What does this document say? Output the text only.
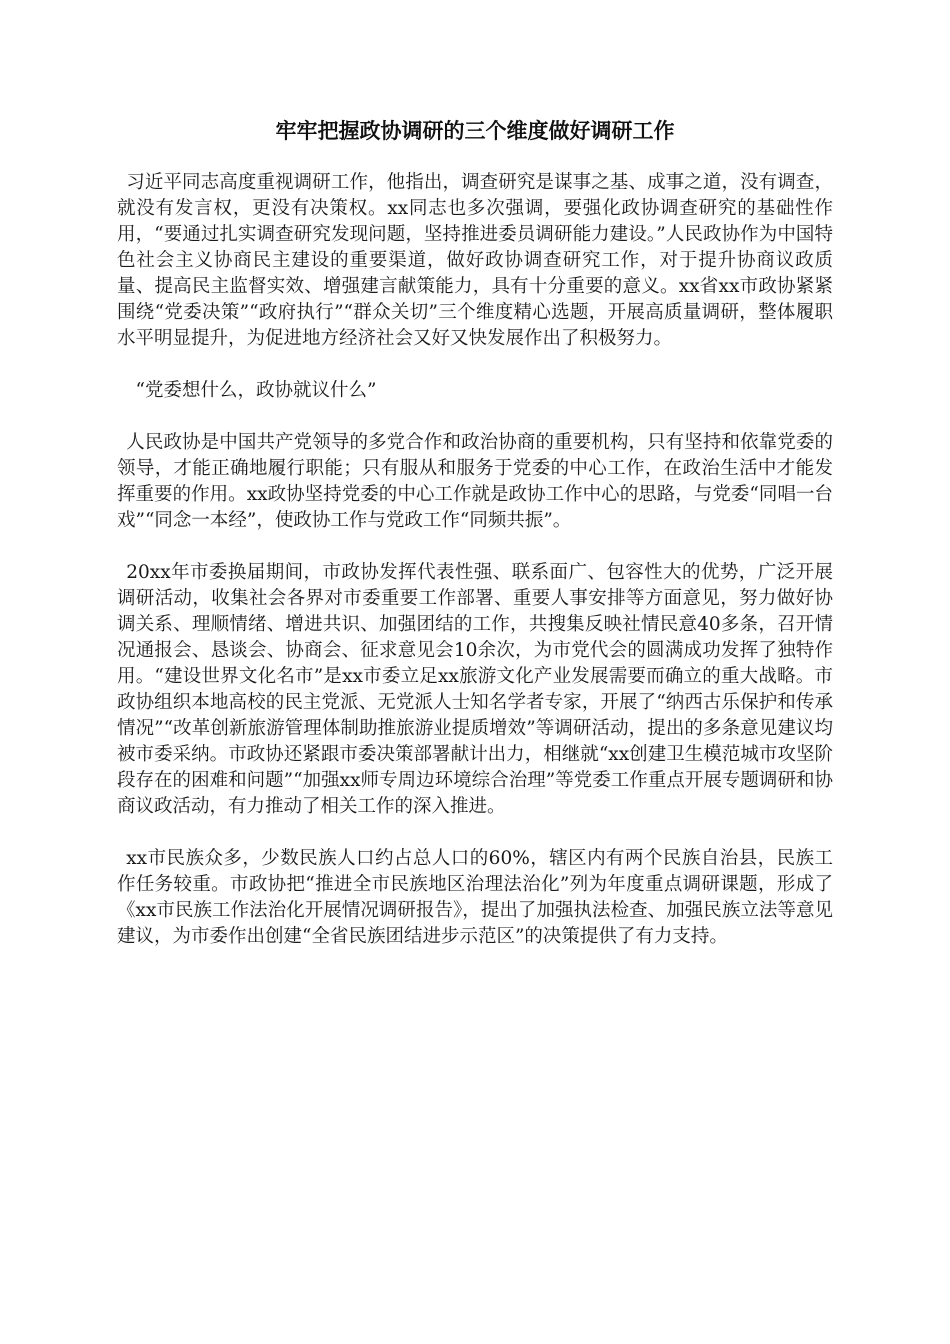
牢牢把握政协调研的三个维度做好调研工作

习近平同志高度重视调研工作，他指出，调查研究是谋事之基、成事之道，没有调查，就没有发言权，更没有决策权。xx同志也多次强调，要强化政协调查研究的基础性作用，“要通过扎实调查研究发现问题，坚持推进委员调研能力建设。”人民政协作为中国特色社会主义协商民主建设的重要渠道，做好政协调查研究工作，对于提升协商议政质量、提高民主监督实效、增强建言献策能力，具有十分重要的意义。xx省xx市政协紧紧围绕“党委决策”“政府执行”“群众关切”三个维度精心选题，开展高质量调研，整体履职水平明显提升，为促进地方经济社会又好又快发展作出了积极努力。

“党委想什么，政协就议什么”

人民政协是中国共产党领导的多党合作和政治协商的重要机构，只有坚持和依靠党委的领导，才能正确地履行职能；只有服从和服务于党委的中心工作，在政治生活中才能发挥重要的作用。xx政协坚持党委的中心工作就是政协工作中心的思路，与党委“同唱一台戏”“同念一本经”，使政协工作与党政工作“同频共振”。

20xx年市委换届期间，市政协发挥代表性强、联系面广、包容性大的优势，广泛开展调研活动，收集社会各界对市委重要工作部署、重要人事安排等方面意见，努力做好协调关系、理顺情绪、增进共识、加强团结的工作，共搜集反映社情民意40多条，召开情况通报会、恳谈会、协商会、征求意见会10余次，为市党代会的圆满成功发挥了独特作用。“建设世界文化名市”是xx市委立足xx旅游文化产业发展需要而确立的重大战略。市政协组织本地高校的民主党派、无党派人士知名学者专家，开展了“纳西古乐保护和传承情况”“改革创新旅游管理体制助推旅游业提质增效”等调研活动，提出的多条意见建议均被市委采纳。市政协还紧跟市委决策部署献计出力，相继就“xx创建卫生模范城市攻坚阶段存在的困难和问题”“加强xx师专周边环境综合治理”等党委工作重点开展专题调研和协商议政活动，有力推动了相关工作的深入推进。

xx市民族众多，少数民族人口约占总人口的60%，辖区内有两个民族自治县，民族工作任务较重。市政协把“推进全市民族地区治理法治化”列为年度重点调研课题，形成了《xx市民族工作法治化开展情况调研报告》，提出了加强执法检查、加强民族立法等意见建议，为市委作出创建“全省民族团结进步示范区”的决策提供了有力支持。
